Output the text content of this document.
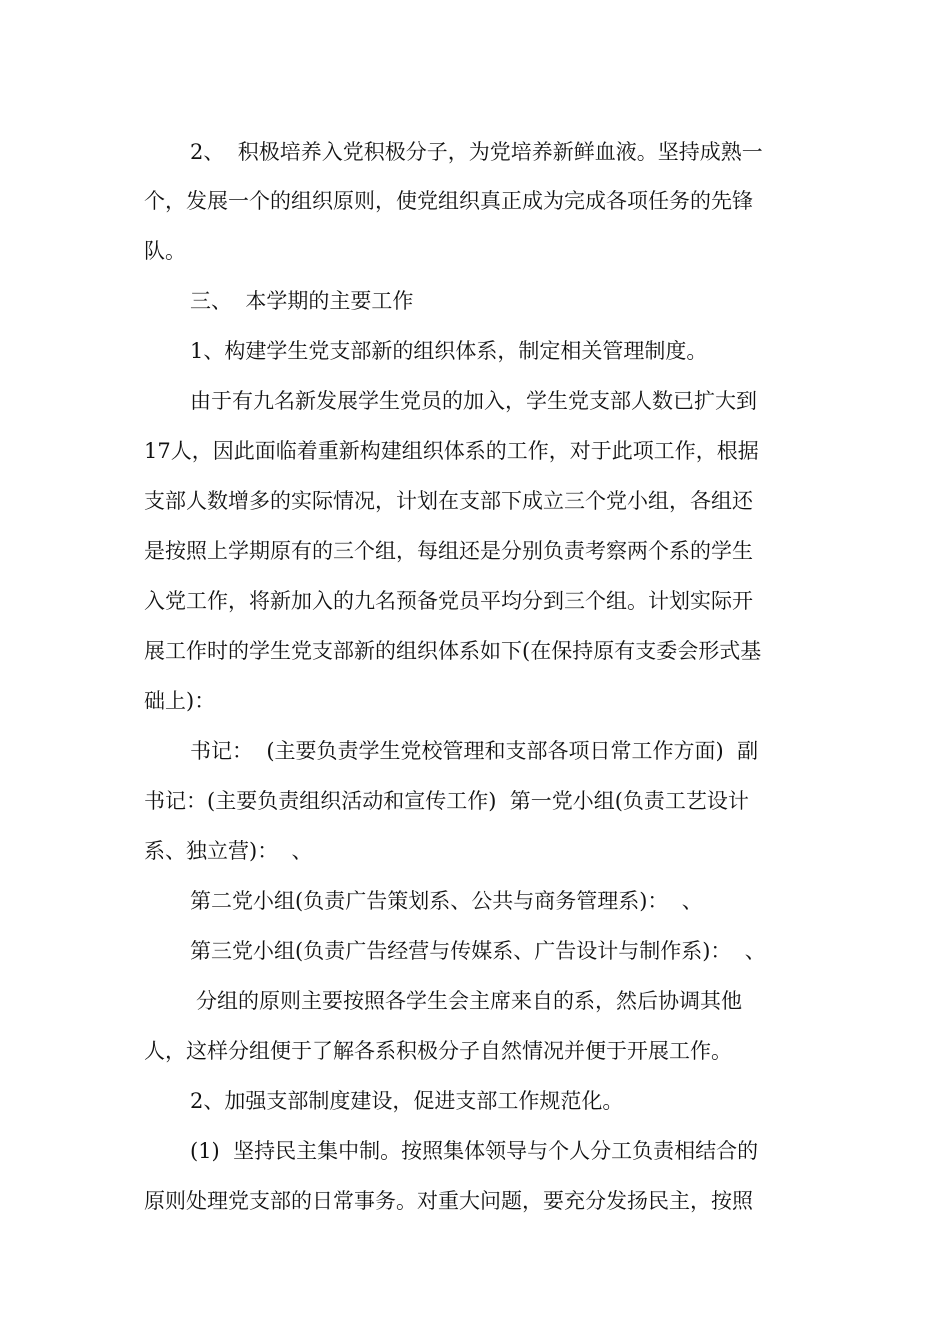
2、  积极培养入党积极分子，为党培养新鲜血液。坚持成熟一
个，发展一个的组织原则，使党组织真正成为完成各项任务的先锋
队。
三、  本学期的主要工作
1、构建学生党支部新的组织体系，制定相关管理制度。
由于有九名新发展学生党员的加入，学生党支部人数已扩大到
17人，因此面临着重新构建组织体系的工作，对于此项工作，根据
支部人数增多的实际情况，计划在支部下成立三个党小组，各组还
是按照上学期原有的三个组，每组还是分别负责考察两个系的学生
入党工作，将新加入的九名预备党员平均分到三个组。计划实际开
展工作时的学生党支部新的组织体系如下(在保持原有支委会形式基
础上)：
书记：  (主要负责学生党校管理和支部各项日常工作方面)  副
书记：(主要负责组织活动和宣传工作)  第一党小组(负责工艺设计
系、独立营)：  、
第二党小组(负责广告策划系、公共与商务管理系)：  、
第三党小组(负责广告经营与传媒系、广告设计与制作系)：  、
分组的原则主要按照各学生会主席来自的系，然后协调其他
人，这样分组便于了解各系积极分子自然情况并便于开展工作。
2、加强支部制度建设，促进支部工作规范化。
(1)  坚持民主集中制。按照集体领导与个人分工负责相结合的
原则处理党支部的日常事务。对重大问题，要充分发扬民主，按照
